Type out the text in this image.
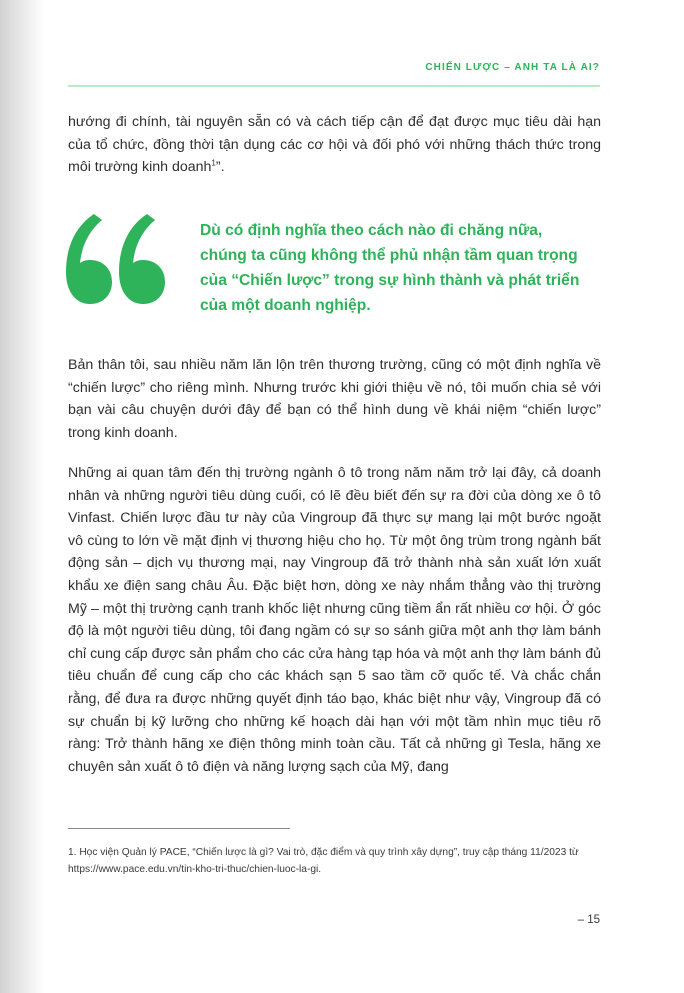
CHIẾN LƯỢC – ANH TA LÀ AI?

hướng đi chính, tài nguyên sẵn có và cách tiếp cận để đạt được mục tiêu dài hạn của tổ chức, đồng thời tận dụng các cơ hội và đối phó với những thách thức trong môi trường kinh doanh$^1$”.

Dù có định nghĩa theo cách nào đi chăng nữa, chúng ta cũng không thể phủ nhận tầm quan trọng của “Chiến lược” trong sự hình thành và phát triển của một doanh nghiệp.

Bản thân tôi, sau nhiều năm lăn lộn trên thương trường, cũng có một định nghĩa về “chiến lược” cho riêng mình. Nhưng trước khi giới thiệu về nó, tôi muốn chia sẻ với bạn vài câu chuyện dưới đây để bạn có thể hình dung về khái niệm “chiến lược” trong kinh doanh.

Những ai quan tâm đến thị trường ngành ô tô trong năm năm trở lại đây, cả doanh nhân và những người tiêu dùng cuối, có lẽ đều biết đến sự ra đời của dòng xe ô tô Vinfast. Chiến lược đầu tư này của Vingroup đã thực sự mang lại một bước ngoặt vô cùng to lớn về mặt định vị thương hiệu cho họ. Từ một ông trùm trong ngành bất động sản – dịch vụ thương mại, nay Vingroup đã trở thành nhà sản xuất lớn xuất khẩu xe điện sang châu Âu. Đặc biệt hơn, dòng xe này nhắm thẳng vào thị trường Mỹ – một thị trường cạnh tranh khốc liệt nhưng cũng tiềm ẩn rất nhiều cơ hội. Ở góc độ là một người tiêu dùng, tôi đang ngầm có sự so sánh giữa một anh thợ làm bánh chỉ cung cấp được sản phẩm cho các cửa hàng tạp hóa và một anh thợ làm bánh đủ tiêu chuẩn để cung cấp cho các khách sạn 5 sao tầm cỡ quốc tế. Và chắc chắn rằng, để đưa ra được những quyết định táo bạo, khác biệt như vậy, Vingroup đã có sự chuẩn bị kỹ lưỡng cho những kế hoạch dài hạn với một tầm nhìn mục tiêu rõ ràng: Trở thành hãng xe điện thông minh toàn cầu. Tất cả những gì Tesla, hãng xe chuyên sản xuất ô tô điện và năng lượng sạch của Mỹ, đang

1. Học viện Quản lý PACE, “Chiến lược là gì? Vai trò, đặc điểm và quy trình xây dựng”, truy cập tháng 11/2023 từ https://www.pace.edu.vn/tin-kho-tri-thuc/chien-luoc-la-gi.

– 15
